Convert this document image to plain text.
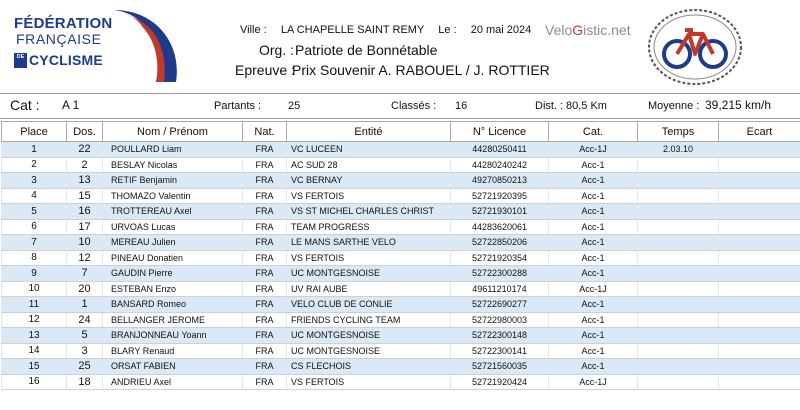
FÉDÉRATION
FRANÇAISE
DE CYCLISME
Ville : LA CHAPELLE SAINT REMY Le : 20 mai 2024 VeloGistic.net
Org. : Patriote de Bonnétable
Epreuve :
Prix Souvenir A. RABOUEL / J. ROTTIER
Cat : A 1	Partants : 25	Classés : 16	Dist. : 80,5 Km	Moyenne : 39,215 km/h
Place	Dos.	Nom / Prénom	Nat.	Entité	N° Licence	Cat.	Temps	Ecart
1	22	POULLARD Liam	FRA	VC LUCEEN	44280250411	Acc-1J	2.03.10	
2	2	BESLAY Nicolas	FRA	AC SUD 28	44280240242	Acc-1		
3	13	RETIF Benjamin	FRA	VC BERNAY	49270850213	Acc-1		
4	15	THOMAZO Valentin	FRA	VS FERTOIS	52721920395	Acc-1		
5	16	TROTTEREAU Axel	FRA	VS ST MICHEL CHARLES CHRIST	52721930101	Acc-1		
6	17	URVOAS Lucas	FRA	TEAM PROGRESS	44283620061	Acc-1		
7	10	MEREAU Julien	FRA	LE MANS SARTHE VELO	52722850206	Acc-1		
8	12	PINEAU Donatien	FRA	VS FERTOIS	52721920354	Acc-1		
9	7	GAUDIN Pierre	FRA	UC MONTGESNOISE	52722300288	Acc-1		
10	20	ESTEBAN Enzo	FRA	UV RAI AUBE	49611210174	Acc-1J		
11	1	BANSARD Romeo	FRA	VELO CLUB DE CONLIE	52722690277	Acc-1		
12	24	BELLANGER JEROME	FRA	FRIENDS CYCLING TEAM	52722980003	Acc-1		
13	5	BRANJONNEAU Yoann	FRA	UC MONTGESNOISE	52722300148	Acc-1		
14	3	BLARY Renaud	FRA	UC MONTGESNOISE	52722300141	Acc-1		
15	25	ORSAT FABIEN	FRA	CS FLECHOIS	52721560035	Acc-1		
16	18	ANDRIEU Axel	FRA	VS FERTOIS	52721920424	Acc-1J		
